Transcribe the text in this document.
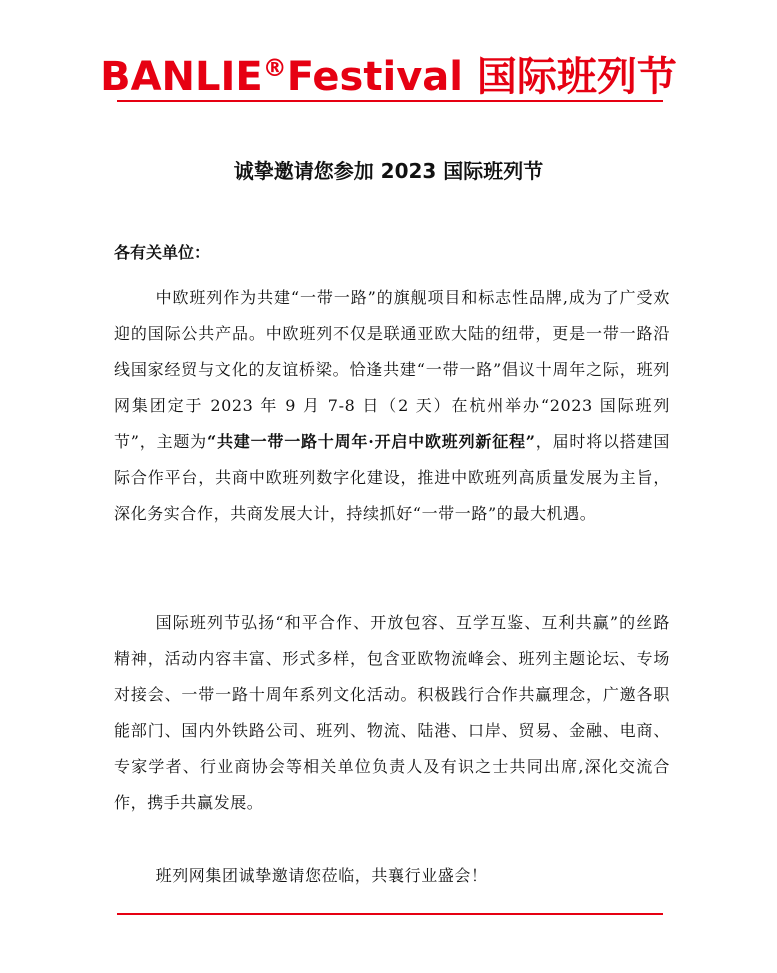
BANLIE®Festival 国际班列节
诚挚邀请您参加 2023 国际班列节
各有关单位：

中欧班列作为共建“一带一路”的旗舰项目和标志性品牌,成为了广受欢迎的国际公共产品。中欧班列不仅是联通亚欧大陆的纽带，更是一带一路沿线国家经贸与文化的友谊桥梁。恰逢共建“一带一路”倡议十周年之际，班列网集团定于 2023 年 9 月 7-8 日（2 天）在杭州举办“2023 国际班列节”，主题为“共建一带一路十周年·开启中欧班列新征程”，届时将以搭建国际合作平台，共商中欧班列数字化建设，推进中欧班列高质量发展为主旨，深化务实合作，共商发展大计，持续抓好“一带一路”的最大机遇。

国际班列节弘扬“和平合作、开放包容、互学互鉴、互利共赢”的丝路精神，活动内容丰富、形式多样，包含亚欧物流峰会、班列主题论坛、专场对接会、一带一路十周年系列文化活动。积极践行合作共赢理念，广邀各职能部门、国内外铁路公司、班列、物流、陆港、口岸、贸易、金融、电商、专家学者、行业商协会等相关单位负责人及有识之士共同出席,深化交流合作，携手共赢发展。

班列网集团诚挚邀请您莅临，共襄行业盛会！
